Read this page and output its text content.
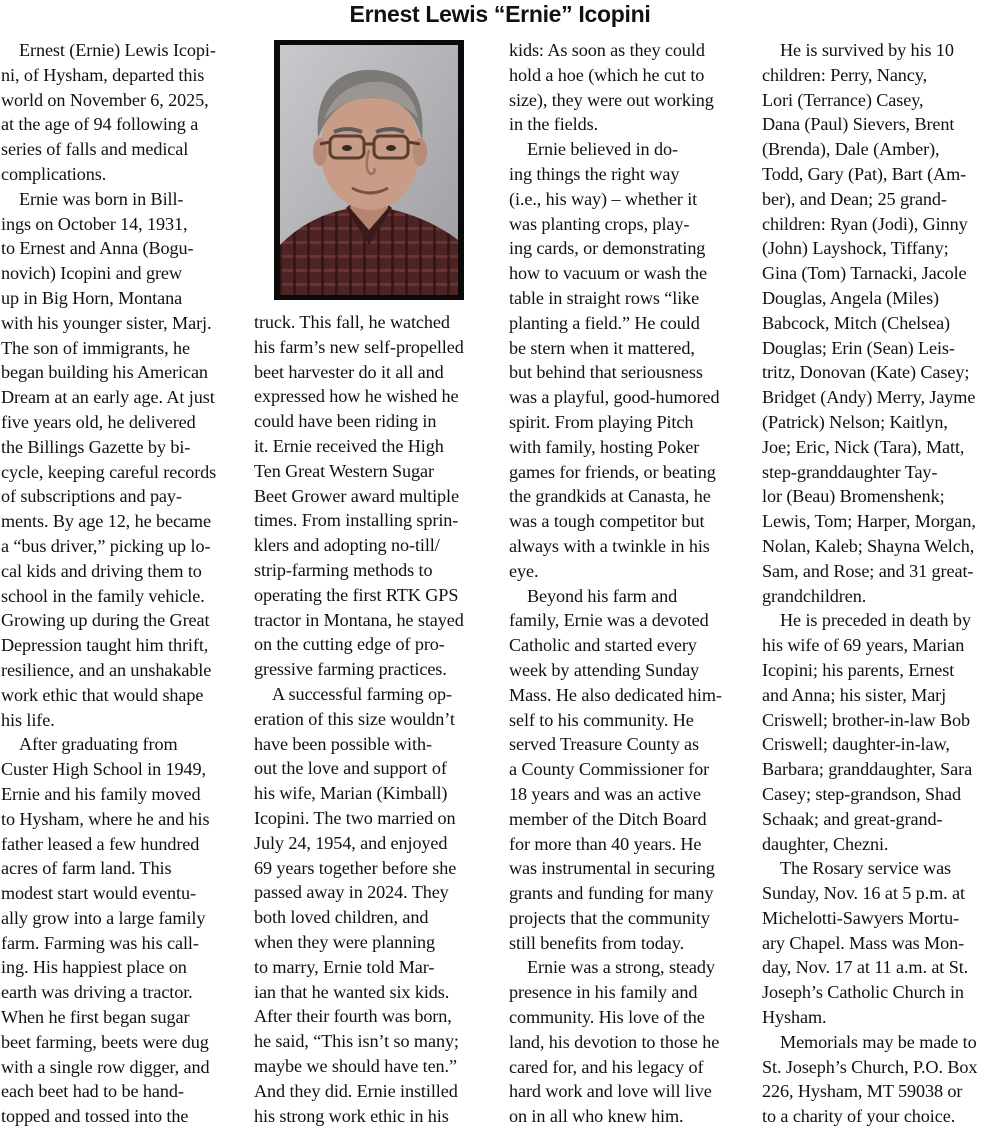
Ernest Lewis “Ernie” Icopini

Ernest (Ernie) Lewis Icopi-
ni, of Hysham, departed this
world on November 6, 2025,
at the age of 94 following a
series of falls and medical
complications.

Ernie was born in Bill-
ings on October 14, 1931,
to Ernest and Anna (Bogu-
novich) Icopini and grew
up in Big Horn, Montana
with his younger sister, Marj.
The son of immigrants, he
began building his American
Dream at an early age. At just
five years old, he delivered
the Billings Gazette by bi-
cycle, keeping careful records
of subscriptions and pay-
ments. By age 12, he became
a “bus driver,” picking up lo-
cal kids and driving them to
school in the family vehicle.
Growing up during the Great
Depression taught him thrift,
resilience, and an unshakable
work ethic that would shape
his life.

After graduating from
Custer High School in 1949,
Ernie and his family moved
to Hysham, where he and his
father leased a few hundred
acres of farm land. This
modest start would eventu-
ally grow into a large family
farm. Farming was his call-
ing. His happiest place on
earth was driving a tractor.
When he first began sugar
beet farming, beets were dug
with a single row digger, and
each beet had to be hand-
topped and tossed into the

truck. This fall, he watched
his farm’s new self-propelled
beet harvester do it all and
expressed how he wished he
could have been riding in
it. Ernie received the High
Ten Great Western Sugar
Beet Grower award multiple
times. From installing sprin-
klers and adopting no-till/
strip-farming methods to
operating the first RTK GPS
tractor in Montana, he stayed
on the cutting edge of pro-
gressive farming practices.

A successful farming op-
eration of this size wouldn’t
have been possible with-
out the love and support of
his wife, Marian (Kimball)
Icopini. The two married on
July 24, 1954, and enjoyed
69 years together before she
passed away in 2024. They
both loved children, and
when they were planning
to marry, Ernie told Mar-
ian that he wanted six kids.
After their fourth was born,
he said, “This isn’t so many;
maybe we should have ten.”
And they did. Ernie instilled
his strong work ethic in his

kids: As soon as they could
hold a hoe (which he cut to
size), they were out working
in the fields.

Ernie believed in do-
ing things the right way
(i.e., his way) – whether it
was planting crops, play-
ing cards, or demonstrating
how to vacuum or wash the
table in straight rows “like
planting a field.” He could
be stern when it mattered,
but behind that seriousness
was a playful, good-humored
spirit. From playing Pitch
with family, hosting Poker
games for friends, or beating
the grandkids at Canasta, he
was a tough competitor but
always with a twinkle in his
eye.

Beyond his farm and
family, Ernie was a devoted
Catholic and started every
week by attending Sunday
Mass. He also dedicated him-
self to his community. He
served Treasure County as
a County Commissioner for
18 years and was an active
member of the Ditch Board
for more than 40 years. He
was instrumental in securing
grants and funding for many
projects that the community
still benefits from today.

Ernie was a strong, steady
presence in his family and
community. His love of the
land, his devotion to those he
cared for, and his legacy of
hard work and love will live
on in all who knew him.

He is survived by his 10
children: Perry, Nancy,
Lori (Terrance) Casey,
Dana (Paul) Sievers, Brent
(Brenda), Dale (Amber),
Todd, Gary (Pat), Bart (Am-
ber), and Dean; 25 grand-
children: Ryan (Jodi), Ginny
(John) Layshock, Tiffany;
Gina (Tom) Tarnacki, Jacole
Douglas, Angela (Miles)
Babcock, Mitch (Chelsea)
Douglas; Erin (Sean) Leis-
tritz, Donovan (Kate) Casey;
Bridget (Andy) Merry, Jayme
(Patrick) Nelson; Kaitlyn,
Joe; Eric, Nick (Tara), Matt,
step-granddaughter Tay-
lor (Beau) Bromenshenk;
Lewis, Tom; Harper, Morgan,
Nolan, Kaleb; Shayna Welch,
Sam, and Rose; and 31 great-
grandchildren.

He is preceded in death by
his wife of 69 years, Marian
Icopini; his parents, Ernest
and Anna; his sister, Marj
Criswell; brother-in-law Bob
Criswell; daughter-in-law,
Barbara; granddaughter, Sara
Casey; step-grandson, Shad
Schaak; and great-grand-
daughter, Chezni.

The Rosary service was
Sunday, Nov. 16 at 5 p.m. at
Michelotti-Sawyers Mortu-
ary Chapel. Mass was Mon-
day, Nov. 17 at 11 a.m. at St.
Joseph’s Catholic Church in
Hysham.

Memorials may be made to
St. Joseph’s Church, P.O. Box
226, Hysham, MT 59038 or
to a charity of your choice.
